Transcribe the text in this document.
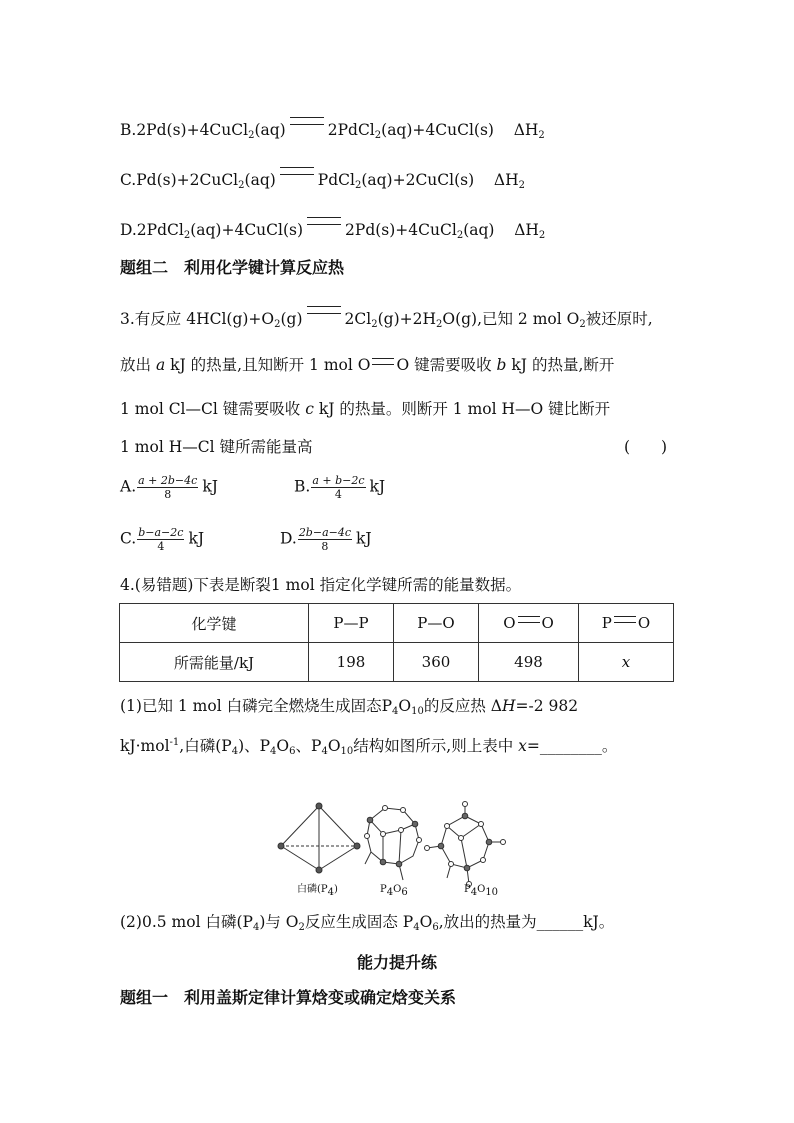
B.2Pd(s)+4CuCl$_2$(aq)	2PdCl$_2$(aq)+4CuCl(s) $\Delta H_2$
C.Pd(s)+2CuCl$_2$(aq)	PdCl$_2$(aq)+2CuCl(s) $\Delta H_2$
D.2PdCl$_2$(aq)+4CuCl(s)	2Pd(s)+4CuCl$_2$(aq) $\Delta H_2$
题组二　利用化学键计算反应热
3.有反应 $4HCl(g)+O_2(g)$	$2Cl_2(g)+2H_2O(g)$,已知 2 mol $O_2$被还原时,
放出 a kJ 的热量,且知断开 1 mol O O 键需要吸收 b kJ 的热量,断开
1 mol Cl—Cl 键需要吸收 c kJ 的热量。则断开 1 mol H—O 键比断开
1 mol H—Cl 键所需能量高	(　　)
A. $\frac{a + 2b-4c}{8}$ kJ	B. $\frac{a + b-2c}{4}$ kJ
C. $\frac{b-a-2c}{4}$ kJ	D. $\frac{2b-a-4c}{8}$ kJ
4.(易错题)下表是断裂1 mol 指定化学键所需的能量数据。
化学键	P—P	P—O	O O	P O
所需能量/kJ	198	360	498	x
(1)已知 1 mol 白磷完全燃烧生成固态$P_4O_{10}$的反应热 ΔH=-2 982
kJ·mol$^{-1}$,白磷$(P_4)$、$P_4O_6$、$P_4O_{10}$结构如图所示,则上表中 x=________。
白磷$(P_4)$	$P_4O_6$	$P_4O_{10}$
(2)0.5 mol 白磷$(P_4)$与 $O_2$反应生成固态 $P_4O_6$,放出的热量为______kJ。
能力提升练
题组一　利用盖斯定律计算焓变或确定焓变关系
